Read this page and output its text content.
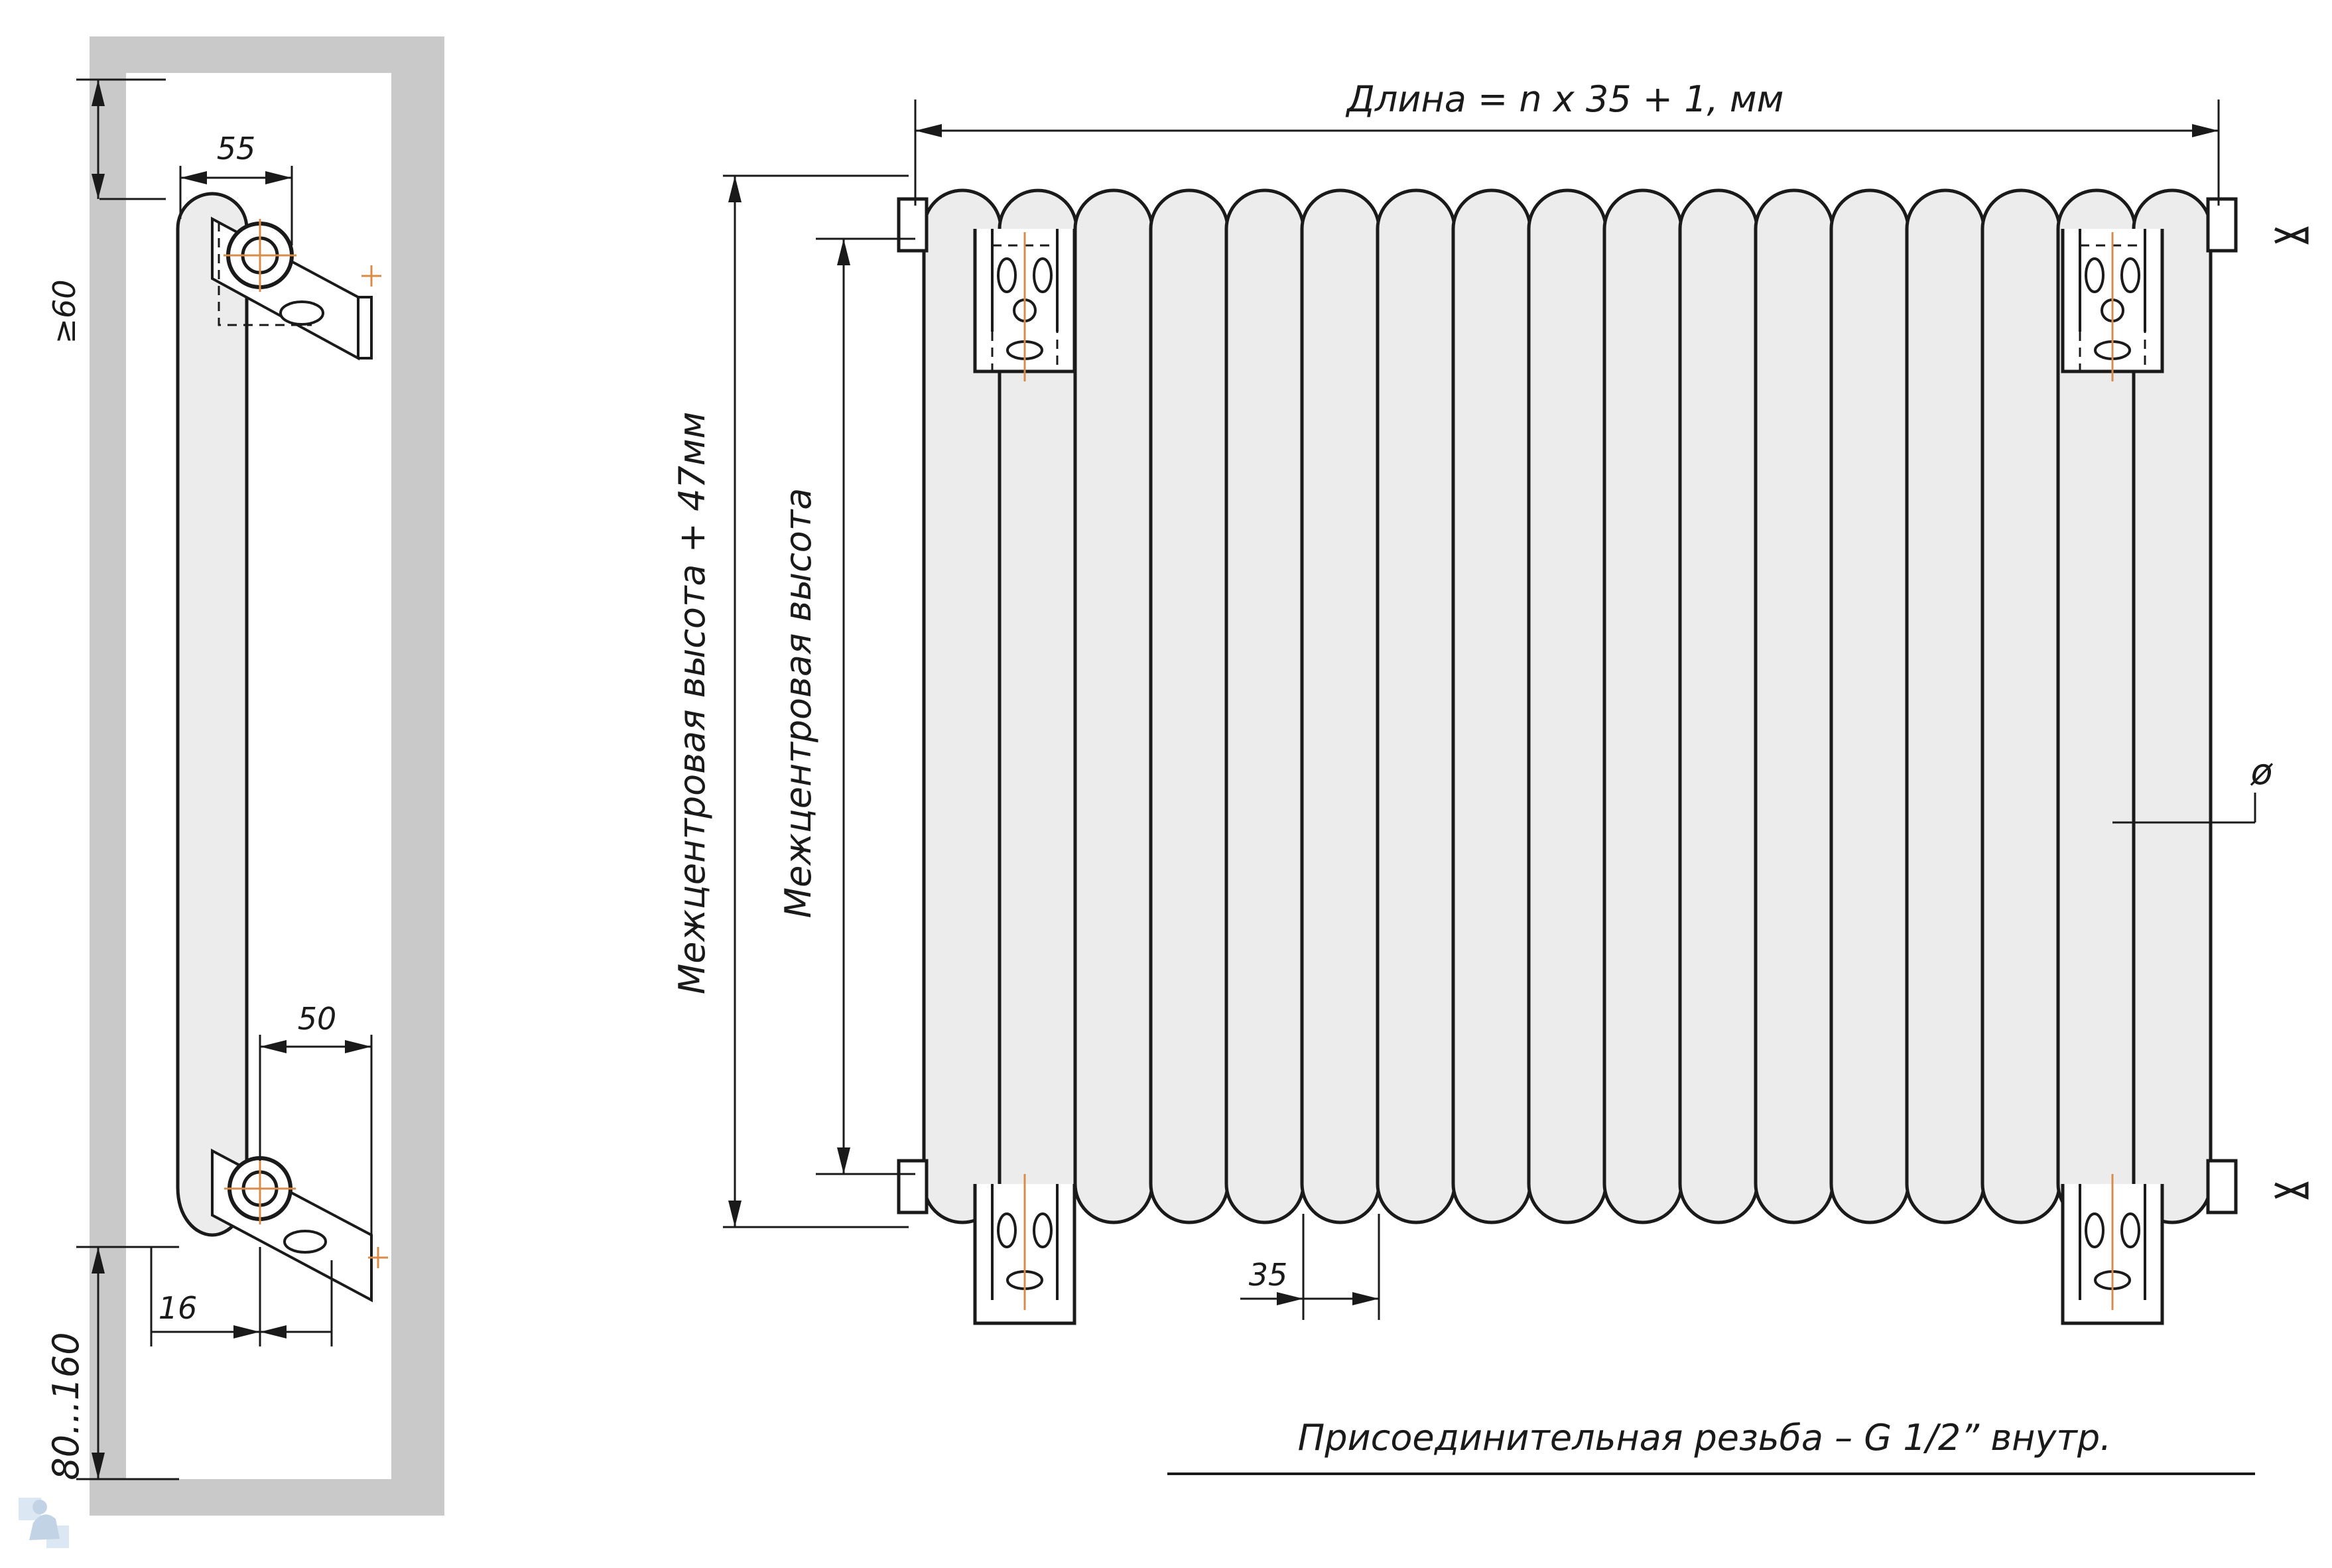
≥60
55
50
16
80...160
Длина = n x 35 + 1, мм
Межцентровая высота + 47мм Межцентровая высота
35
ø
Присоединительная резьба – G 1/2” внутр.
